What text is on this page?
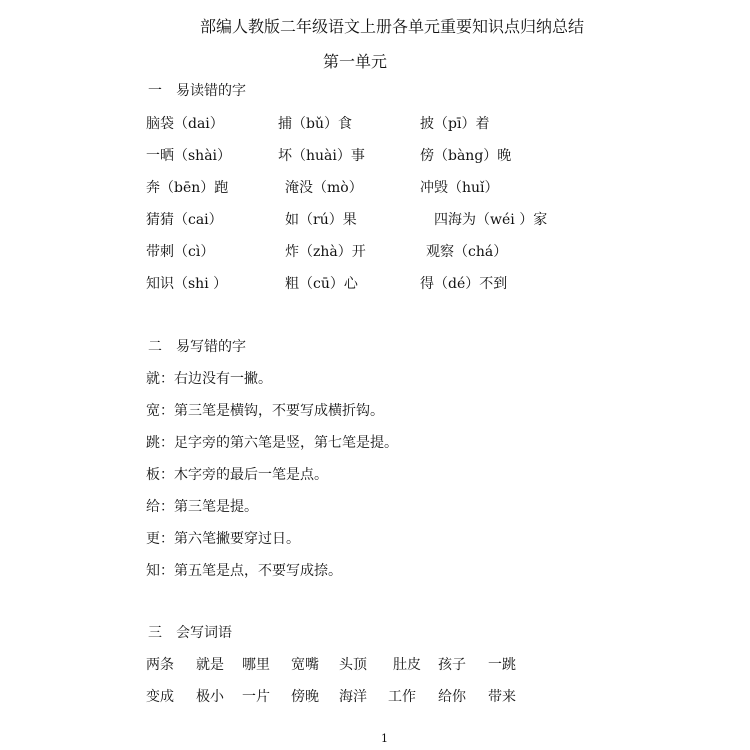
部编人教版二年级语文上册各单元重要知识点归纳总结
第一单元
一　易读错的字
脑袋（dai）	捕（bǔ）食	披（pī）着
一晒（shài）	坏（huài）事	傍（bàng）晚
奔（bēn）跑	淹没（mò）	冲毁（huǐ）
猜猜（cai）	如（rú）果	四海为（wéi ）家
带刺（cì）	炸（zhà）开	观察（chá）
知识（shi ）	粗（cū）心	得（dé）不到
二　易写错的字
就：右边没有一撇。
宽：第三笔是横钩，不要写成横折钩。
跳：足字旁的第六笔是竖，第七笔是提。
板：木字旁的最后一笔是点。
给：第三笔是提。
更：第六笔撇要穿过日。
知：第五笔是点，不要写成捺。
三　会写词语
两条 就是 哪里 宽嘴 头顶 肚皮 孩子 一跳
变成 极小 一片 傍晚 海洋 工作 给你 带来
1
